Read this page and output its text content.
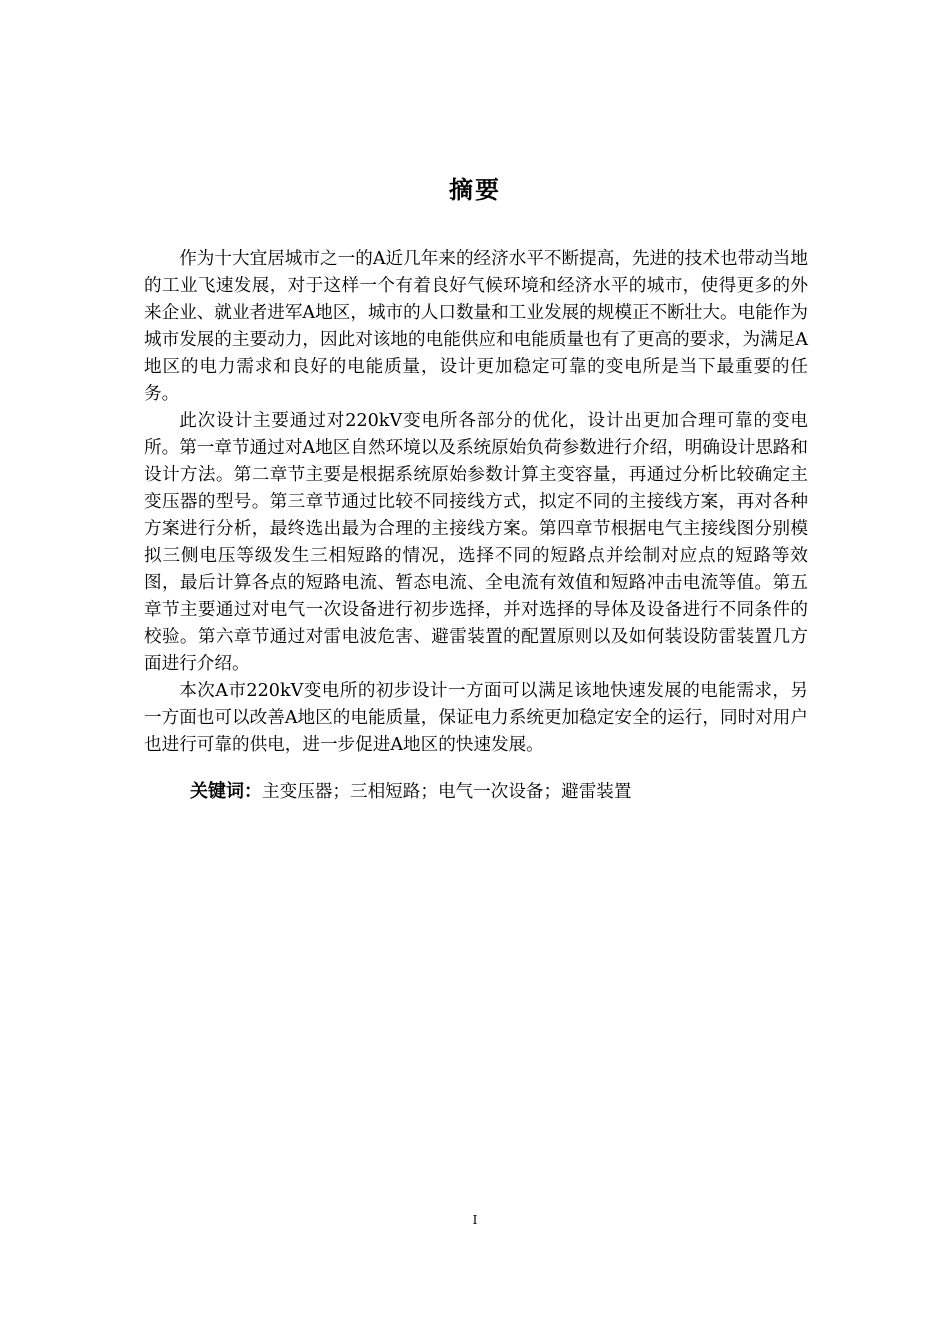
摘要

作为十大宜居城市之一的A近几年来的经济水平不断提高，先进的技术也带动当地的工业飞速发展，对于这样一个有着良好气候环境和经济水平的城市，使得更多的外来企业、就业者进军A地区，城市的人口数量和工业发展的规模正不断壮大。电能作为城市发展的主要动力，因此对该地的电能供应和电能质量也有了更高的要求，为满足A地区的电力需求和良好的电能质量，设计更加稳定可靠的变电所是当下最重要的任务。

此次设计主要通过对220kV变电所各部分的优化，设计出更加合理可靠的变电所。第一章节通过对A地区自然环境以及系统原始负荷参数进行介绍，明确设计思路和设计方法。第二章节主要是根据系统原始参数计算主变容量，再通过分析比较确定主变压器的型号。第三章节通过比较不同接线方式，拟定不同的主接线方案，再对各种方案进行分析，最终选出最为合理的主接线方案。第四章节根据电气主接线图分别模拟三侧电压等级发生三相短路的情况，选择不同的短路点并绘制对应点的短路等效图，最后计算各点的短路电流、暂态电流、全电流有效值和短路冲击电流等值。第五章节主要通过对电气一次设备进行初步选择，并对选择的导体及设备进行不同条件的校验。第六章节通过对雷电波危害、避雷装置的配置原则以及如何装设防雷装置几方面进行介绍。

本次A市220kV变电所的初步设计一方面可以满足该地快速发展的电能需求，另一方面也可以改善A地区的电能质量，保证电力系统更加稳定安全的运行，同时对用户也进行可靠的供电，进一步促进A地区的快速发展。

关键词：主变压器；三相短路；电气一次设备；避雷装置

I
